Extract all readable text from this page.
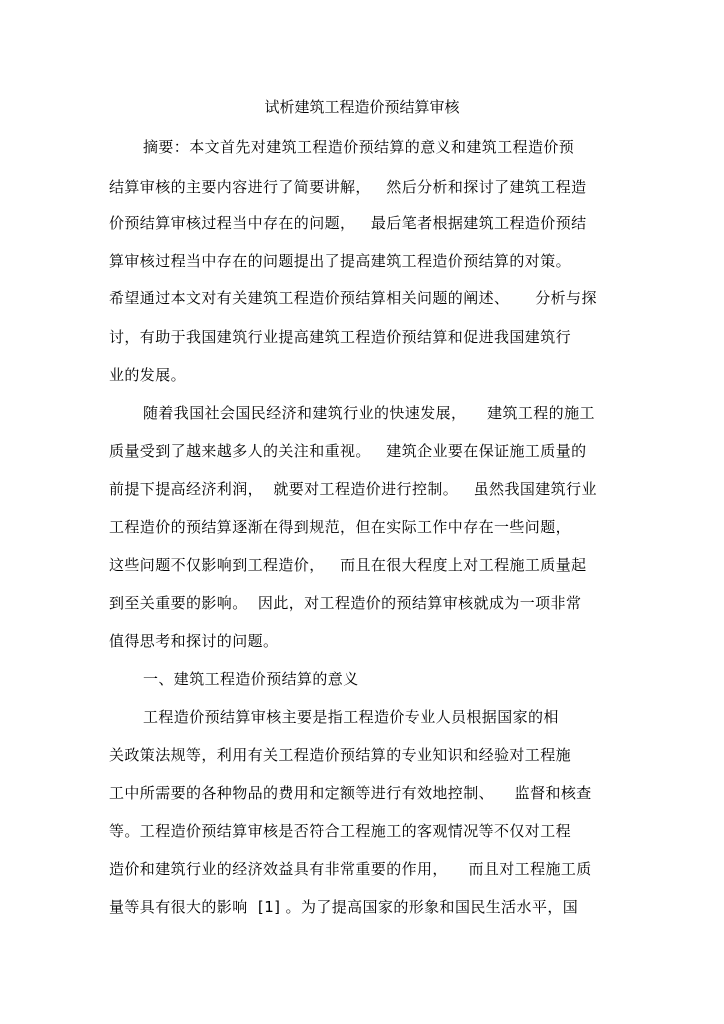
试析建筑工程造价预结算审核
摘要：本文首先对建筑工程造价预结算的意义和建筑工程造价预
结算审核的主要内容进行了简要讲解，   然后分析和探讨了建筑工程造
价预结算审核过程当中存在的问题，   最后笔者根据建筑工程造价预结
算审核过程当中存在的问题提出了提高建筑工程造价预结算的对策。
希望通过本文对有关建筑工程造价预结算相关问题的阐述、     分析与探
讨，有助于我国建筑行业提高建筑工程造价预结算和促进我国建筑行
业的发展。
随着我国社会国民经济和建筑行业的快速发展，    建筑工程的施工
质量受到了越来越多人的关注和重视。   建筑企业要在保证施工质量的
前提下提高经济利润，  就要对工程造价进行控制。   虽然我国建筑行业
工程造价的预结算逐渐在得到规范，但在实际工作中存在一些问题，
这些问题不仅影响到工程造价，   而且在很大程度上对工程施工质量起
到至关重要的影响。  因此，对工程造价的预结算审核就成为一项非常
值得思考和探讨的问题。
一、建筑工程造价预结算的意义
工程造价预结算审核主要是指工程造价专业人员根据国家的相
关政策法规等，利用有关工程造价预结算的专业知识和经验对工程施
工中所需要的各种物品的费用和定额等进行有效地控制、    监督和核查
等。工程造价预结算审核是否符合工程施工的客观情况等不仅对工程
造价和建筑行业的经济效益具有非常重要的作用，    而且对工程施工质
量等具有很大的影响  [1] 。为了提高国家的形象和国民生活水平，国
